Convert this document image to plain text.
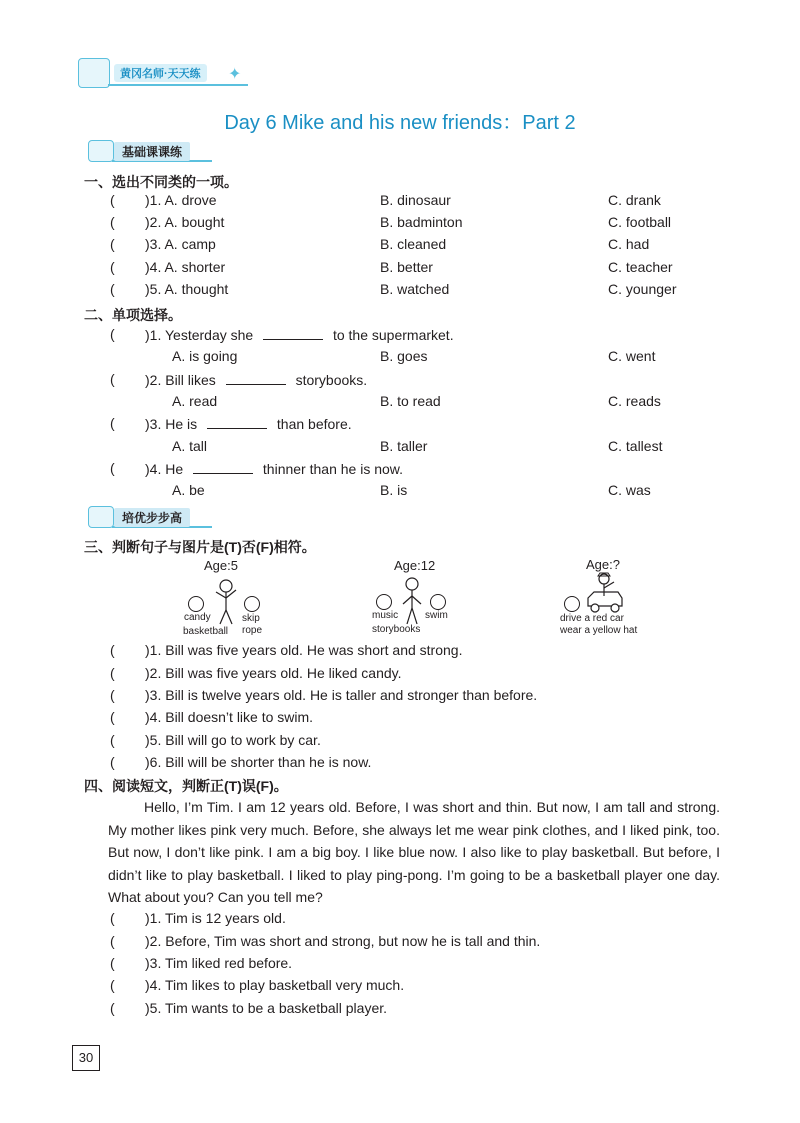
黄冈名师·天天练	✦
Day 6 Mike and his new friends：Part 2
基础课课练
一、选出不同类的一项。
( )1. A. drove	B. dinosaur	C. drank
( )2. A. bought	B. badminton	C. football
( )3. A. camp	B. cleaned	C. had
( )4. A. shorter	B. better	C. teacher
( )5. A. thought	B. watched	C. younger
二、单项选择。
( )1. Yesterday she	to the supermarket.
A. is going	B. goes	C. went
( )2. Bill likes	storybooks.
A. read	B. to read	C. reads
( )3. He is	than before.
A. tall	B. taller	C. tallest
( )4. He	thinner than he is now.
A. be	B. is	C. was
培优步步高
三、判断句子与图片是(T)否(F)相符。
Age:5
candy	skip
rope
basketball
Age:12
music	swim
storybooks
Age:?
drive a red car
wear a yellow hat
( )1. Bill was five years old. He was short and strong.
( )2. Bill was five years old. He liked candy.
( )3. Bill is twelve years old. He is taller and stronger than before.
( )4. Bill doesn’t like to swim.
( )5. Bill will go to work by car.
( )6. Bill will be shorter than he is now.
四、阅读短文，判断正(T)误(F)。
Hello, I’m Tim. I am 12 years old. Before, I was short and thin. But now, I am tall and strong. My mother likes pink very much. Before, she always let me wear pink clothes, and I liked pink, too. But now, I don’t like pink. I am a big boy. I like blue now. I also like to play basketball. But before, I didn’t like to play basketball. I liked to play ping-pong. I’m going to be a basketball player one day. What about you? Can you tell me?
( )1. Tim is 12 years old.
( )2. Before, Tim was short and strong, but now he is tall and thin.
( )3. Tim liked red before.
( )4. Tim likes to play basketball very much.
( )5. Tim wants to be a basketball player.
30
